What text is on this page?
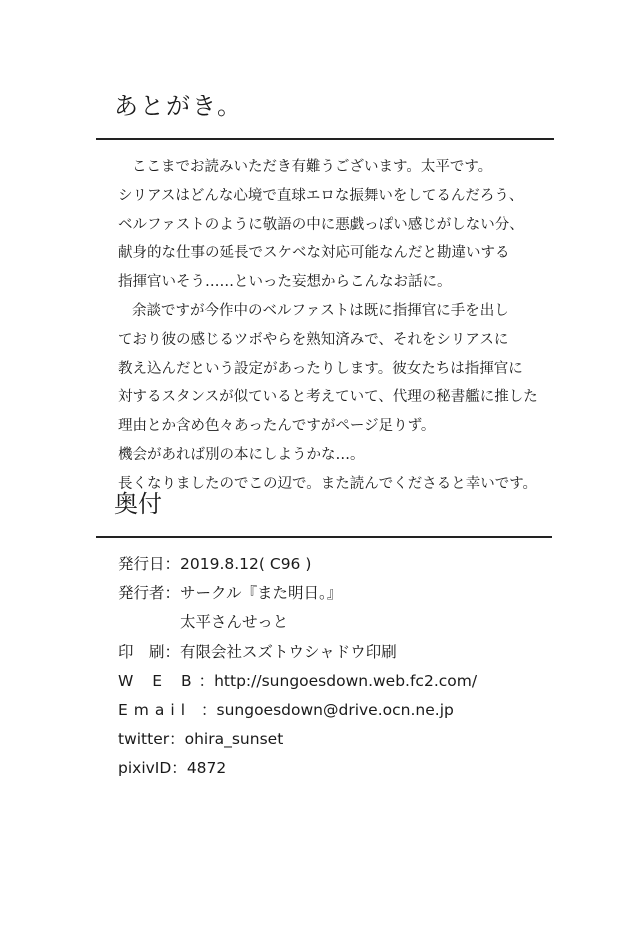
あとがき。
ここまでお読みいただき有難うございます。太平です。
シリアスはどんな心境で直球エロな振舞いをしてるんだろう、
ベルファストのように敬語の中に悪戯っぽい感じがしない分、
献身的な仕事の延長でスケベな対応可能なんだと勘違いする
指揮官いそう……といった妄想からこんなお話に。
余談ですが今作中のベルファストは既に指揮官に手を出し
ており彼の感じるツボやらを熟知済みで、それをシリアスに
教え込んだという設定があったりします。彼女たちは指揮官に
対するスタンスが似ていると考えていて、代理の秘書艦に推した
理由とか含め色々あったんですがページ足りず。
機会があれば別の本にしようかな…。
長くなりましたのでこの辺で。また読んでくださると幸いです。
奥付
発行日： 2019.8.12( C96 )
発行者： サークル『また明日。』
太平さんせっと
印　刷： 有限会社スズトウシャドウ印刷
W E B ：http://sungoesdown.web.fc2.com/
Email ：sungoesdown@drive.ocn.ne.jp
twitter： ohira_sunset
pixivID： 4872
